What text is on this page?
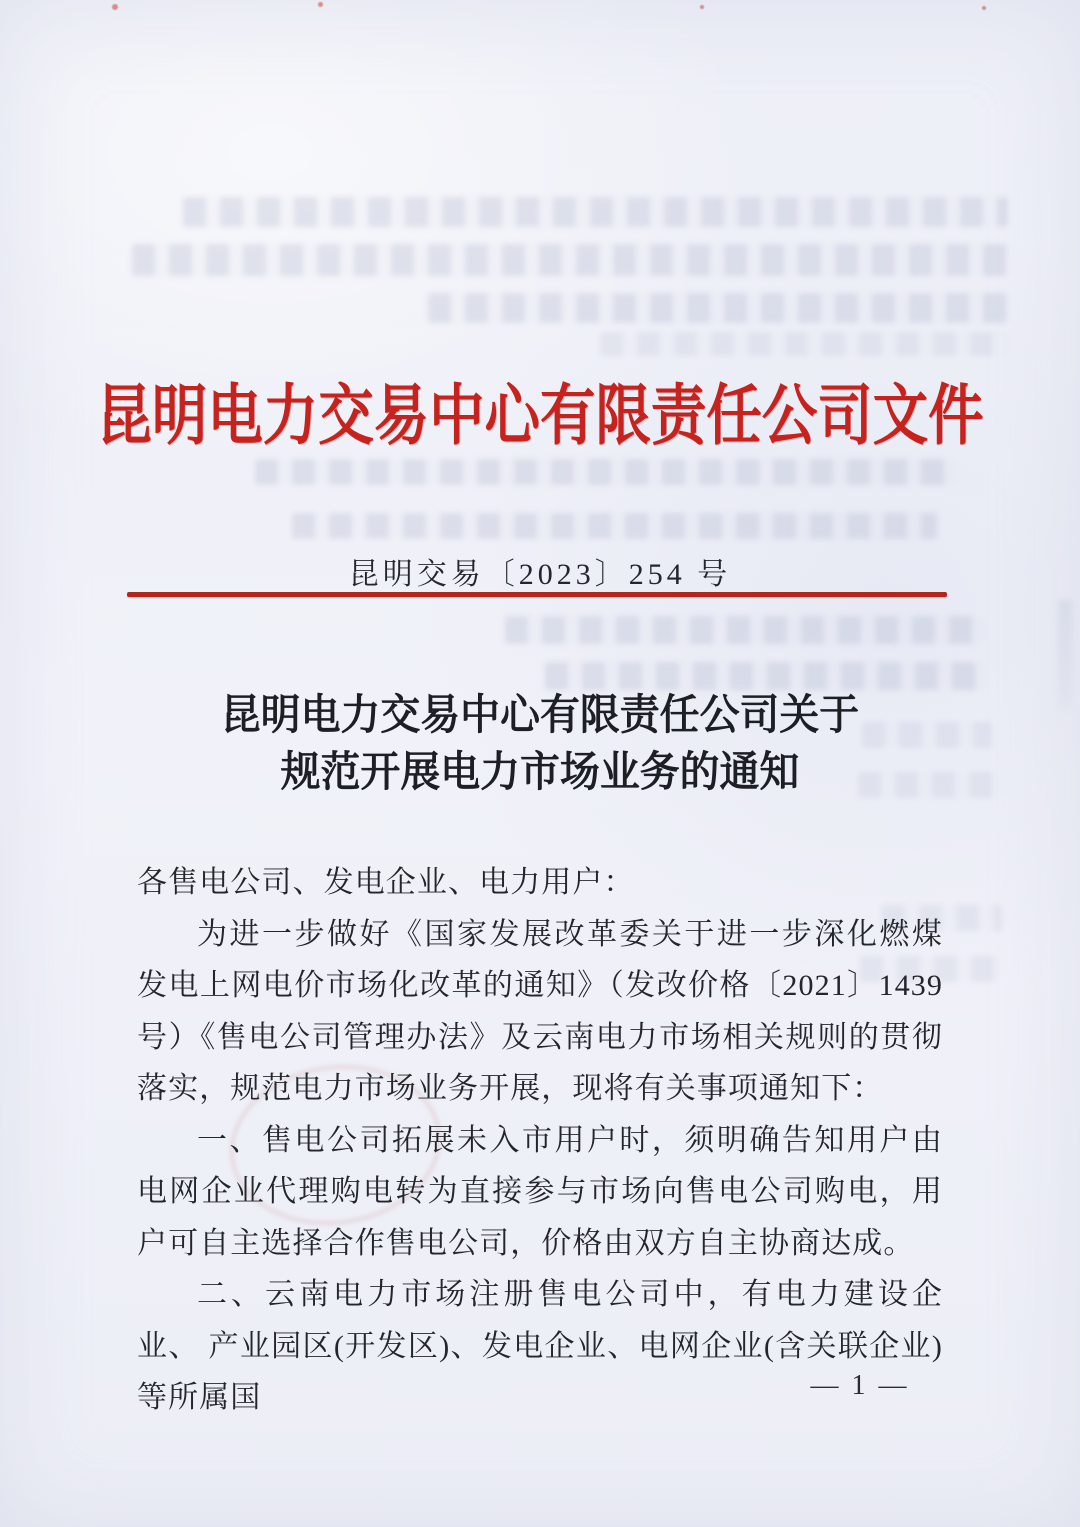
昆明电力交易中心有限责任公司文件
昆明交易〔2023〕254 号
昆明电力交易中心有限责任公司关于
规范开展电力市场业务的通知

各售电公司、发电企业、电力用户：

为进一步做好《国家发展改革委关于进一步深化燃煤发电上网电价市场化改革的通知》（发改价格〔2021〕1439 号）《售电公司管理办法》及云南电力市场相关规则的贯彻落实，规范电力市场业务开展，现将有关事项通知下：

一、售电公司拓展未入市用户时，须明确告知用户由电网企业代理购电转为直接参与市场向售电公司购电，用户可自主选择合作售电公司，价格由双方自主协商达成。

二、云南电力市场注册售电公司中，有电力建设企业、 产业园区(开发区)、发电企业、电网企业(含关联企业) 等所属国	— 1 —
